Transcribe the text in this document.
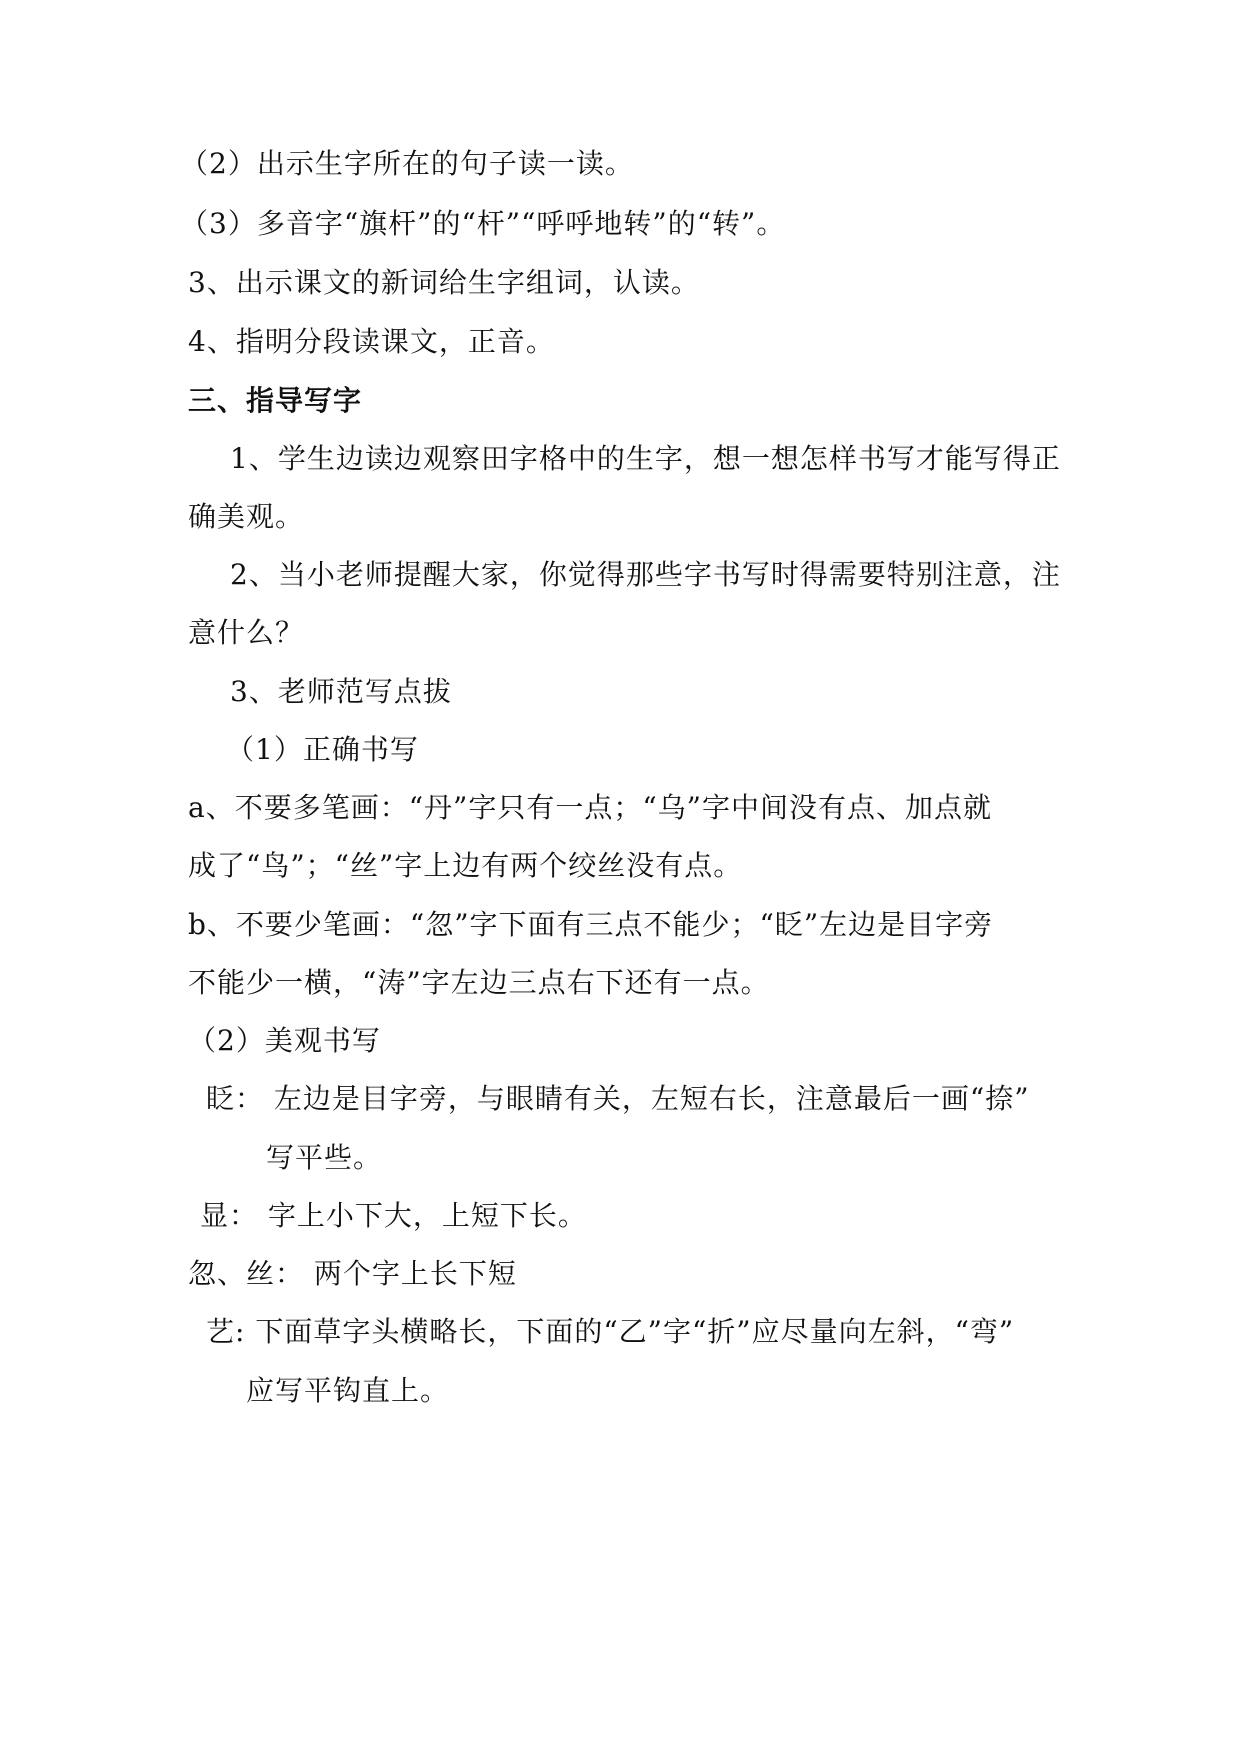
（2）出示生字所在的句子读一读。
（3）多音字“旗杆”的“杆”“呼呼地转”的“转”。
3、出示课文的新词给生字组词，认读。
4、指明分段读课文，正音。
三、指导写字
1、学生边读边观察田字格中的生字，想一想怎样书写才能写得正
确美观。
2、当小老师提醒大家，你觉得那些字书写时得需要特别注意，注
意什么？
3、老师范写点拔
（1）正确书写
a、不要多笔画：“丹”字只有一点；“乌”字中间没有点、加点就
成了“鸟”；“丝”字上边有两个绞丝没有点。
b、不要少笔画：“忽”字下面有三点不能少；“眨”左边是目字旁
不能少一横，“涛”字左边三点右下还有一点。
（2）美观书写
眨： 左边是目字旁，与眼睛有关，左短右长，注意最后一画“捺”
写平些。
显： 字上小下大，上短下长。
忽、丝： 两个字上长下短
艺: 下面草字头横略长，下面的“乙”字“折”应尽量向左斜，“弯”
应写平钩直上。
